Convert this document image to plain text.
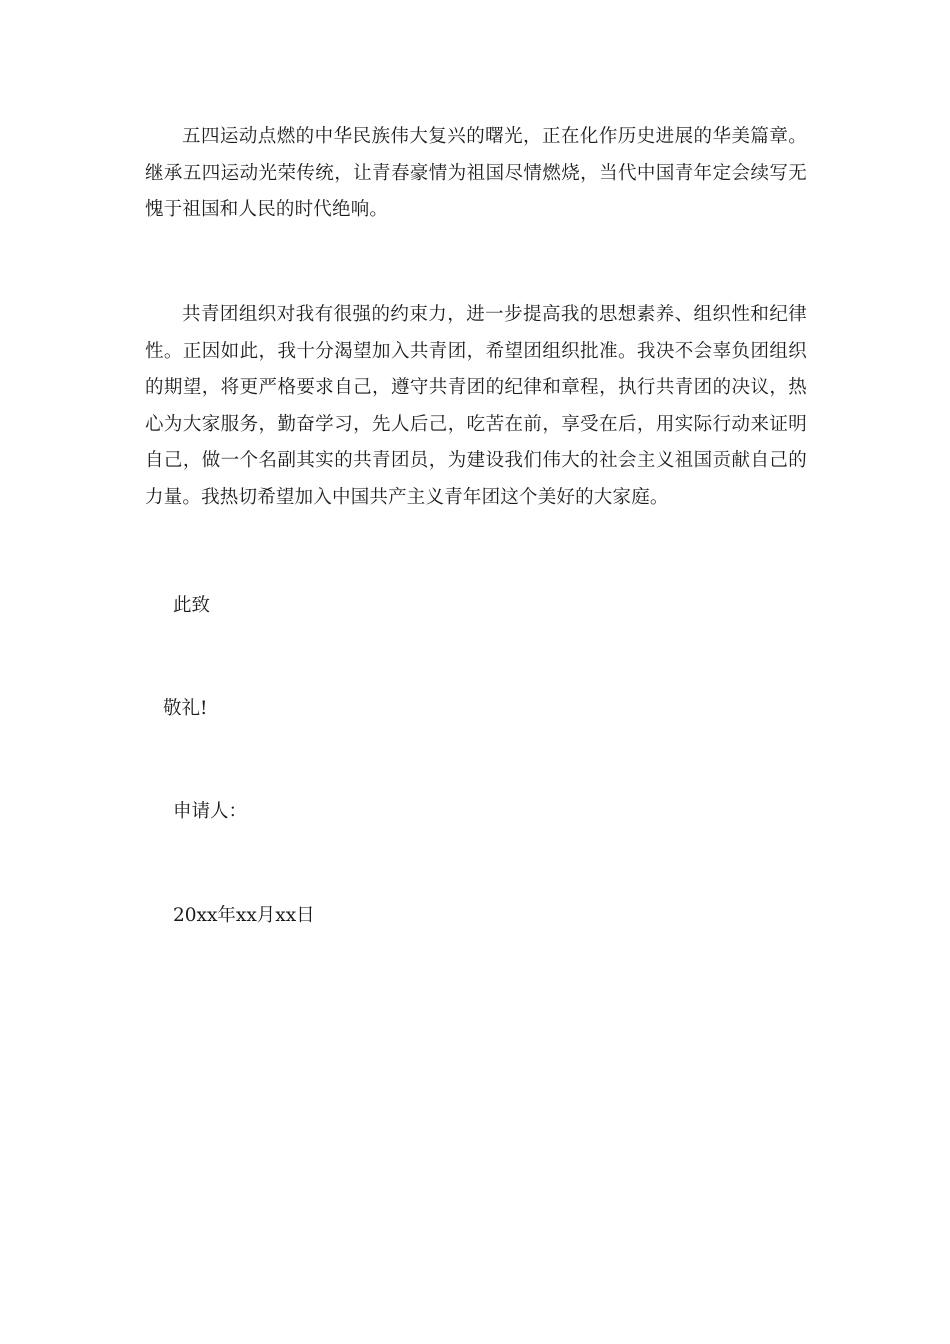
五四运动点燃的中华民族伟大复兴的曙光，正在化作历史进展的华美篇章。继承五四运动光荣传统，让青春豪情为祖国尽情燃烧，当代中国青年定会续写无愧于祖国和人民的时代绝响。

共青团组织对我有很强的约束力，进一步提高我的思想素养、组织性和纪律性。正因如此，我十分渴望加入共青团，希望团组织批准。我决不会辜负团组织的期望，将更严格要求自己，遵守共青团的纪律和章程，执行共青团的决议，热心为大家服务，勤奋学习，先人后己，吃苦在前，享受在后，用实际行动来证明自己，做一个名副其实的共青团员，为建设我们伟大的社会主义祖国贡献自己的力量。我热切希望加入中国共产主义青年团这个美好的大家庭。

此致

敬礼!

申请人：

20xx年xx月xx日
